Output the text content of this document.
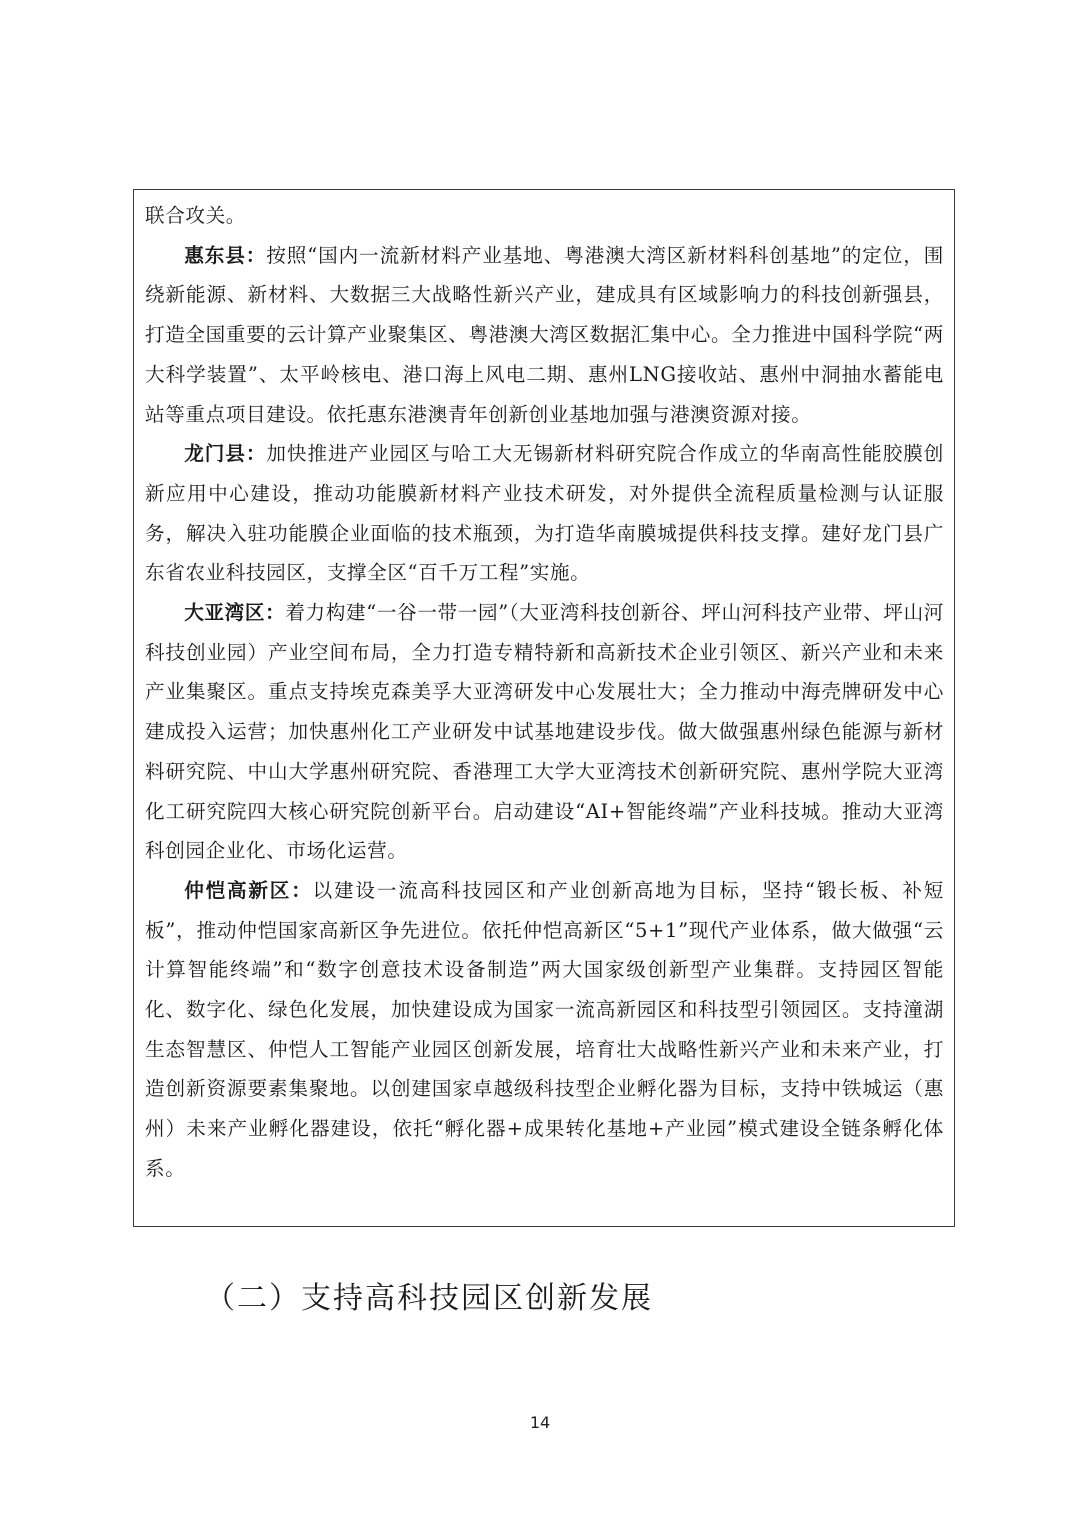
联合攻关。

惠东县：按照“国内一流新材料产业基地、粤港澳大湾区新材料科创基地”的定位，围绕新能源、新材料、大数据三大战略性新兴产业，建成具有区域影响力的科技创新强县，打造全国重要的云计算产业聚集区、粤港澳大湾区数据汇集中心。全力推进中国科学院“两大科学装置”、太平岭核电、港口海上风电二期、惠州LNG接收站、惠州中洞抽水蓄能电站等重点项目建设。依托惠东港澳青年创新创业基地加强与港澳资源对接。

龙门县：加快推进产业园区与哈工大无锡新材料研究院合作成立的华南高性能胶膜创新应用中心建设，推动功能膜新材料产业技术研发，对外提供全流程质量检测与认证服务，解决入驻功能膜企业面临的技术瓶颈，为打造华南膜城提供科技支撑。建好龙门县广东省农业科技园区，支撑全区“百千万工程”实施。

大亚湾区：着力构建“一谷一带一园”（大亚湾科技创新谷、坪山河科技产业带、坪山河科技创业园）产业空间布局，全力打造专精特新和高新技术企业引领区、新兴产业和未来产业集聚区。重点支持埃克森美孚大亚湾研发中心发展壮大；全力推动中海壳牌研发中心建成投入运营；加快惠州化工产业研发中试基地建设步伐。做大做强惠州绿色能源与新材料研究院、中山大学惠州研究院、香港理工大学大亚湾技术创新研究院、惠州学院大亚湾化工研究院四大核心研究院创新平台。启动建设“AI+智能终端”产业科技城。推动大亚湾科创园企业化、市场化运营。

仲恺高新区：以建设一流高科技园区和产业创新高地为目标，坚持“锻长板、补短板”，推动仲恺国家高新区争先进位。依托仲恺高新区“5+1”现代产业体系，做大做强“云计算智能终端”和“数字创意技术设备制造”两大国家级创新型产业集群。支持园区智能化、数字化、绿色化发展，加快建设成为国家一流高新园区和科技型引领园区。支持潼湖生态智慧区、仲恺人工智能产业园区创新发展，培育壮大战略性新兴产业和未来产业，打造创新资源要素集聚地。以创建国家卓越级科技型企业孵化器为目标，支持中铁城运（惠州）未来产业孵化器建设，依托“孵化器+成果转化基地+产业园”模式建设全链条孵化体系。

（二）支持高科技园区创新发展
14
